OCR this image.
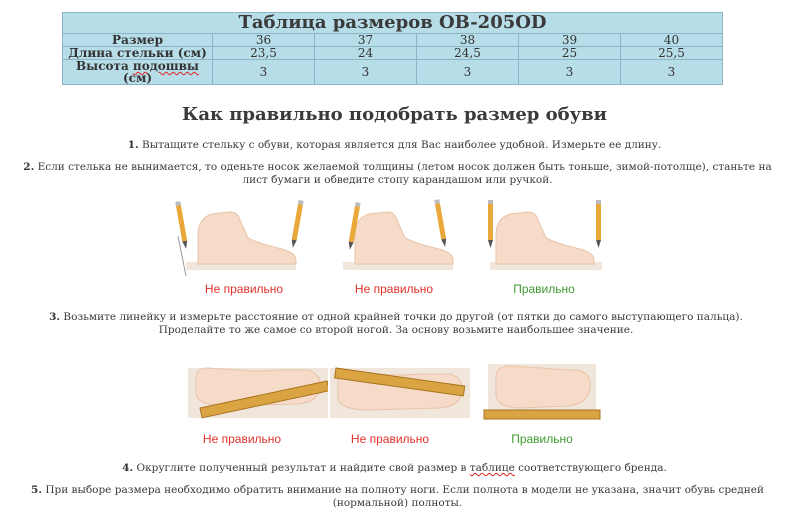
Таблица размеров OB-205OD					
Размер	36	37	38	39	40
Длина стельки (см)	23,5	24	24,5	25	25,5
Высота подошвы (см)	3	3	3	3	3
Как правильно подобрать размер обуви
1. Вытащите стельку с обуви, которая является для Вас наиболее удобной. Измерьте ее длину.
2. Если стелька не вынимается, то оденьте носок желаемой толщины (летом носок должен быть тоньше, зимой-потолще), станьте на лист бумаги и обведите стопу карандашом или ручкой.
Не правильно	Не правильно	Правильно
3. Возьмите линейку и измерьте расстояние от одной крайней точки до другой (от пятки до самого выступающего пальца). Проделайте то же самое со второй ногой. За основу возьмите наибольшее значение.
Не правильно	Не правильно	Правильно
4. Округлите полученный результат и найдите свой размер в таблице соответствующего бренда.
5. При выборе размера необходимо обратить внимание на полноту ноги. Если полнота в модели не указана, значит обувь средней (нормальной) полноты.
